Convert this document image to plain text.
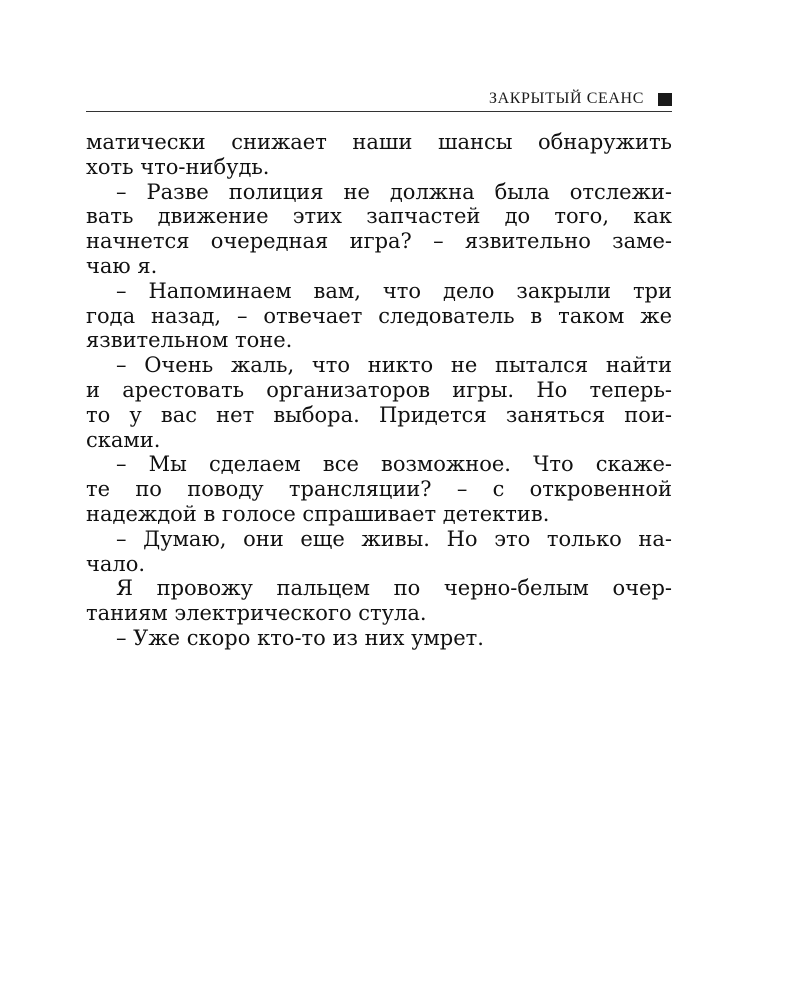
ЗАКРЫТЫЙ СЕАНС
матически снижает наши шансы обнаружить
хоть что-нибудь.
– Разве полиция не должна была отслежи-
вать движение этих запчастей до того, как
начнется очередная игра? – язвительно заме-
чаю я.
– Напоминаем вам, что дело закрыли три
года назад, – отвечает следователь в таком же
язвительном тоне.
– Очень жаль, что никто не пытался найти
и арестовать организаторов игры. Но теперь-
то у вас нет выбора. Придется заняться пои-
сками.
– Мы сделаем все возможное. Что скаже-
те по поводу трансляции? – с откровенной
надеждой в голосе спрашивает детектив.
– Думаю, они еще живы. Но это только на-
чало.
Я провожу пальцем по черно-белым очер-
таниям электрического стула.
– Уже скоро кто-то из них умрет.
